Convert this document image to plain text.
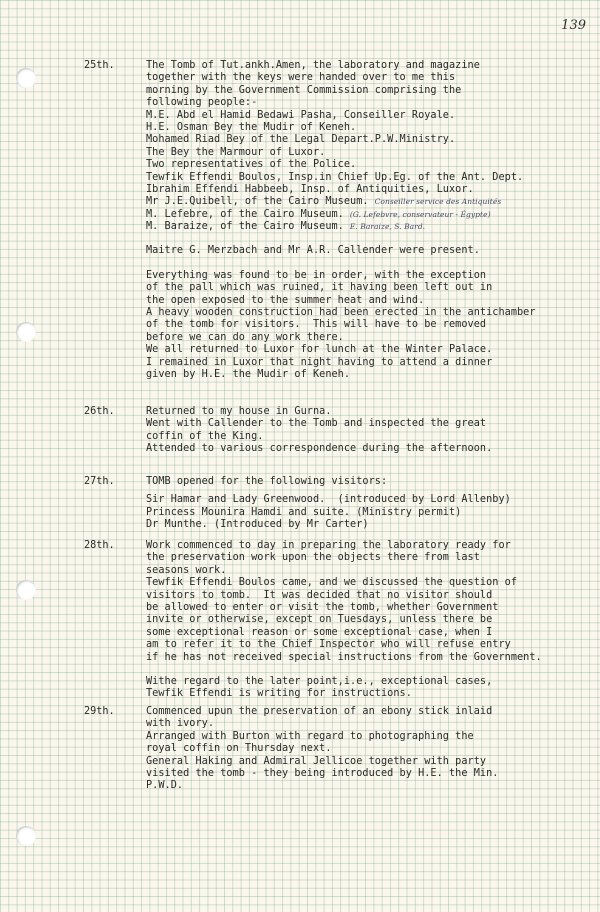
139
25th.	The Tomb of Tut.ankh.Amen, the laboratory and magazine
together with the keys were handed over to me this
morning by the Government Commission comprising the
following people:-
M.E. Abd el Hamid Bedawi Pasha, Conseiller Royale.
H.E. Osman Bey the Mudir of Keneh.
Mohamed Riad Bey of the Legal Depart.P.W.Ministry.
The Bey the Marmour of Luxor.
Two representatives of the Police.
Tewfik Effendi Boulos, Insp.in Chief Up.Eg. of the Ant. Dept.
Ibrahim Effendi Habbeeb, Insp. of Antiquities, Luxor.
Mr J.E.Quibell, of the Cairo Museum. Conseiller service des Antiquités
M. Lefebre, of the Cairo Museum. (G. Lefebvre, conservateur - Égypte)
M. Baraize, of the Cairo Museum. E. Baraize, S. Bard.
Maitre G. Merzbach and Mr A.R. Callender were present.
Everything was found to be in order, with the exception
of the pall which was ruined, it having been left out in
the open exposed to the summer heat and wind.
A heavy wooden construction had been erected in the antichamber
of the tomb for visitors.  This will have to be removed
before we can do any work there.
We all returned to Luxor for lunch at the Winter Palace.
I remained in Luxor that night having to attend a dinner
given by H.E. the Mudir of Keneh.
26th.	Returned to my house in Gurna.
Went with Callender to the Tomb and inspected the great
coffin of the King.
Attended to various correspondence during the afternoon.
27th.	TOMB opened for the following visitors:
Sir Hamar and Lady Greenwood.  (introduced by Lord Allenby)
Princess Mounira Hamdi and suite. (Ministry permit)
Dr Munthe. (Introduced by Mr Carter)
28th.	Work commenced to day in preparing the laboratory ready for
the preservation work upon the objects there from last
seasons work.
Tewfik Effendi Boulos came, and we discussed the question of
visitors to tomb.  It was decided that no visitor should
be allowed to enter or visit the tomb, whether Government
invite or otherwise, except on Tuesdays, unless there be
some exceptional reason or some exceptional case, when I
am to refer it to the Chief Inspector who will refuse entry
if he has not received special instructions from the Government.
Withe regard to the later point,i.e., exceptional cases,
Tewfik Effendi is writing for instructions.
29th.	Commenced upun the preservation of an ebony stick inlaid
with ivory.
Arranged with Burton with regard to photographing the
royal coffin on Thursday next.
General Haking and Admiral Jellicoe together with party
visited the tomb - they being introduced by H.E. the Min.
P.W.D.
